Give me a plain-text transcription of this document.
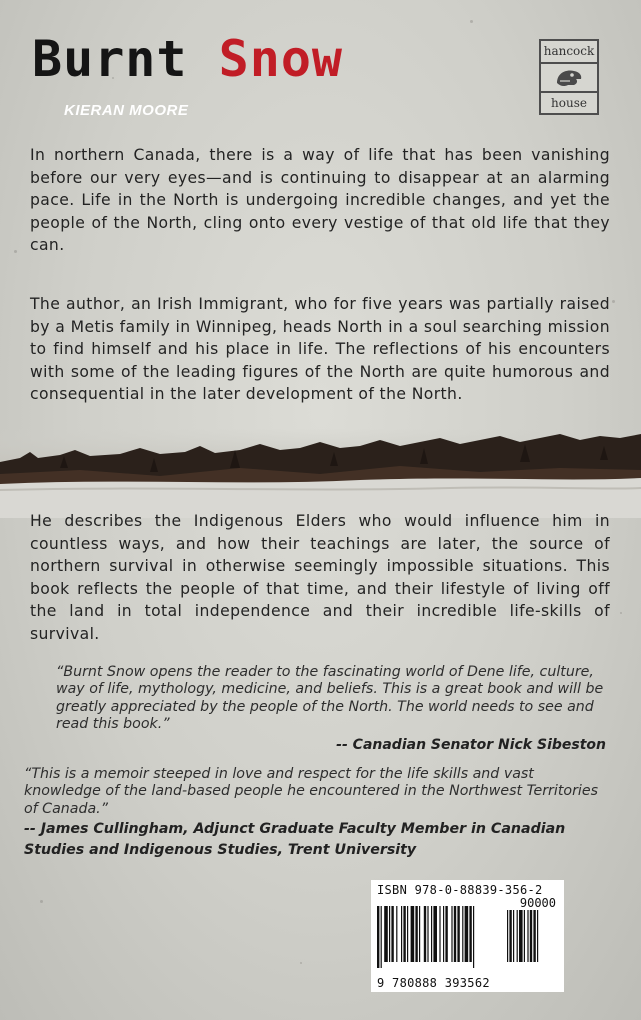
Burnt Snow
KIERAN MOORE
hancock
house

In northern Canada, there is a way of life that has been vanishing before our very eyes—and is continuing to disappear at an alarming pace. Life in the North is undergoing incredible changes, and yet the people of the North, cling onto every vestige of that old life that they can.

The author, an Irish Immigrant, who for five years was partially raised by a Metis family in Winnipeg, heads North in a soul searching mission to find himself and his place in life. The reflections of his encounters with some of the leading figures of the North are quite humorous and consequential in the later development of the North.

He describes the Indigenous Elders who would influence him in countless ways, and how their teachings are later, the source of northern survival in otherwise seemingly impossible situations. This book reflects the people of that time, and their lifestyle of living off the land in total independence and their incredible life-skills of survival.

“Burnt Snow opens the reader to the fascinating world of Dene life, culture, way of life, mythology, medicine, and beliefs. This is a great book and will be greatly appreciated by the people of the North. The world needs to see and read this book.”

-- Canadian Senator Nick Sibeston

“This is a memoir steeped in love and respect for the life skills and vast knowledge of the land-based people he encountered in the Northwest Territories of Canada.”

-- James Cullingham, Adjunct Graduate Faculty Member in Canadian Studies and Indigenous Studies, Trent University

ISBN 978-0-88839-356-2
90000
9 780888 393562
